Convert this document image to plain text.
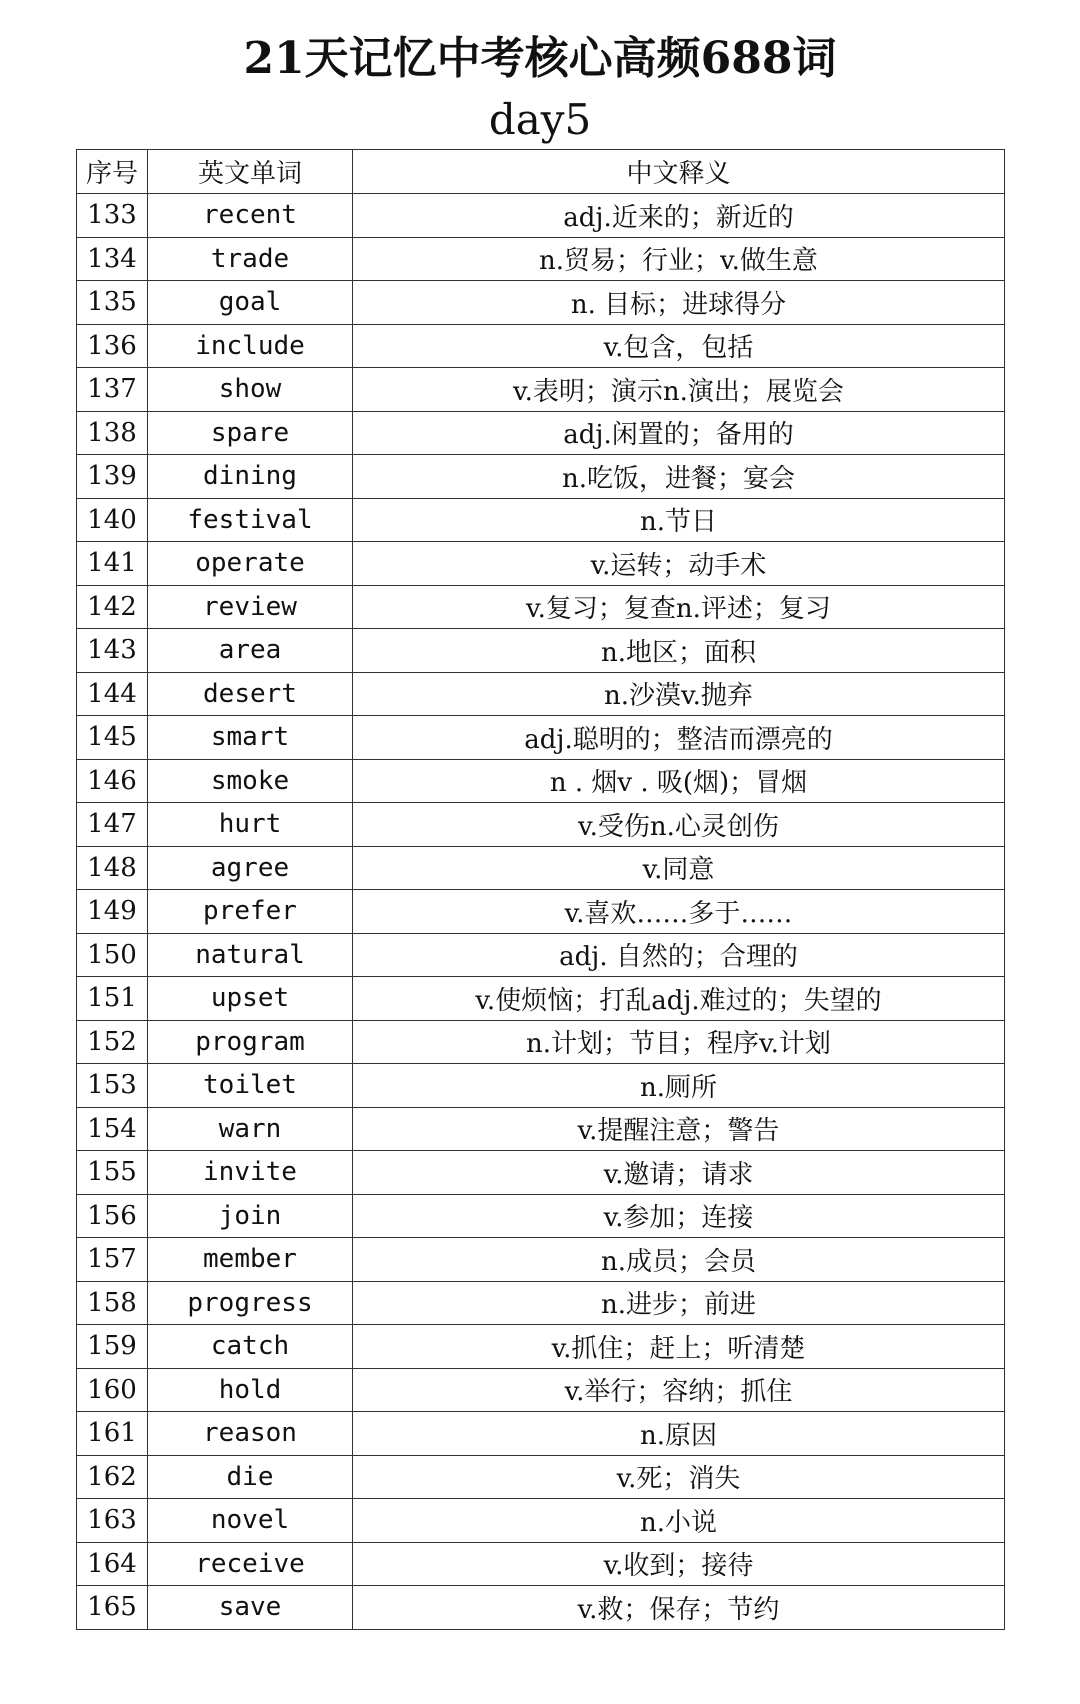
21天记忆中考核心高频688词
day5
序号	英文单词	中文释义
133	recent	adj.近来的；新近的
134	trade	n.贸易；行业；v.做生意
135	goal	n. 目标；进球得分
136	include	v.包含，包括
137	show	v.表明；演示n.演出；展览会
138	spare	adj.闲置的；备用的
139	dining	n.吃饭，进餐；宴会
140	festival	n.节日
141	operate	v.运转；动手术
142	review	v.复习；复查n.评述；复习
143	area	n.地区；面积
144	desert	n.沙漠v.抛弃
145	smart	adj.聪明的；整洁而漂亮的
146	smoke	n . 烟v . 吸(烟)；冒烟
147	hurt	v.受伤n.心灵创伤
148	agree	v.同意
149	prefer	v.喜欢……多于……
150	natural	adj. 自然的；合理的
151	upset	v.使烦恼；打乱adj.难过的；失望的
152	program	n.计划；节目；程序v.计划
153	toilet	n.厕所
154	warn	v.提醒注意；警告
155	invite	v.邀请；请求
156	join	v.参加；连接
157	member	n.成员；会员
158	progress	n.进步；前进
159	catch	v.抓住；赶上；听清楚
160	hold	v.举行；容纳；抓住
161	reason	n.原因
162	die	v.死；消失
163	novel	n.小说
164	receive	v.收到；接待
165	save	v.救；保存；节约
